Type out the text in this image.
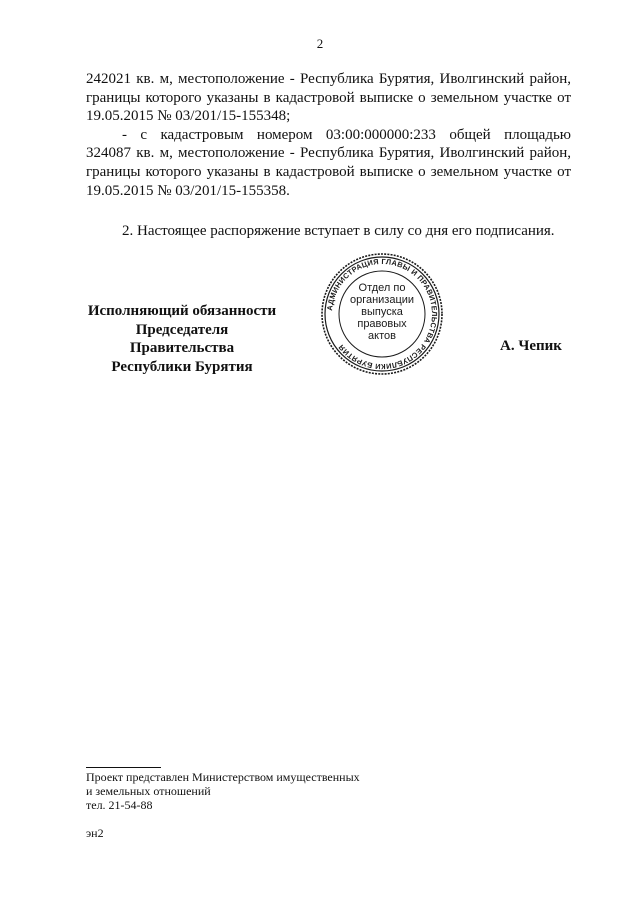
2
242021 кв. м, местоположение - Республика Бурятия, Иволгинский район,
границы которого указаны в кадастровой выписке о земельном участке от
19.05.2015 № 03/201/15-155348;
- с кадастровым номером 03:00:000000:233 общей площадью
324087 кв. м, местоположение - Республика Бурятия, Иволгинский район,
границы которого указаны в кадастровой выписке о земельном участке от
19.05.2015 № 03/201/15-155358.
2. Настоящее распоряжение вступает в силу со дня его подписания.
Исполняющий обязанности
Председателя Правительства
Республики Бурятия
АДМИНИСТРАЦИЯ ГЛАВЫ И ПРАВИТЕЛЬСТВА РЕСПУБЛИКИ БУРЯТИЯ
Отдел по
организации
выпуска
правовых
актов
А. Чепик
Проект представлен Министерством имущественных
и земельных отношений
тел. 21-54-88
эн2
